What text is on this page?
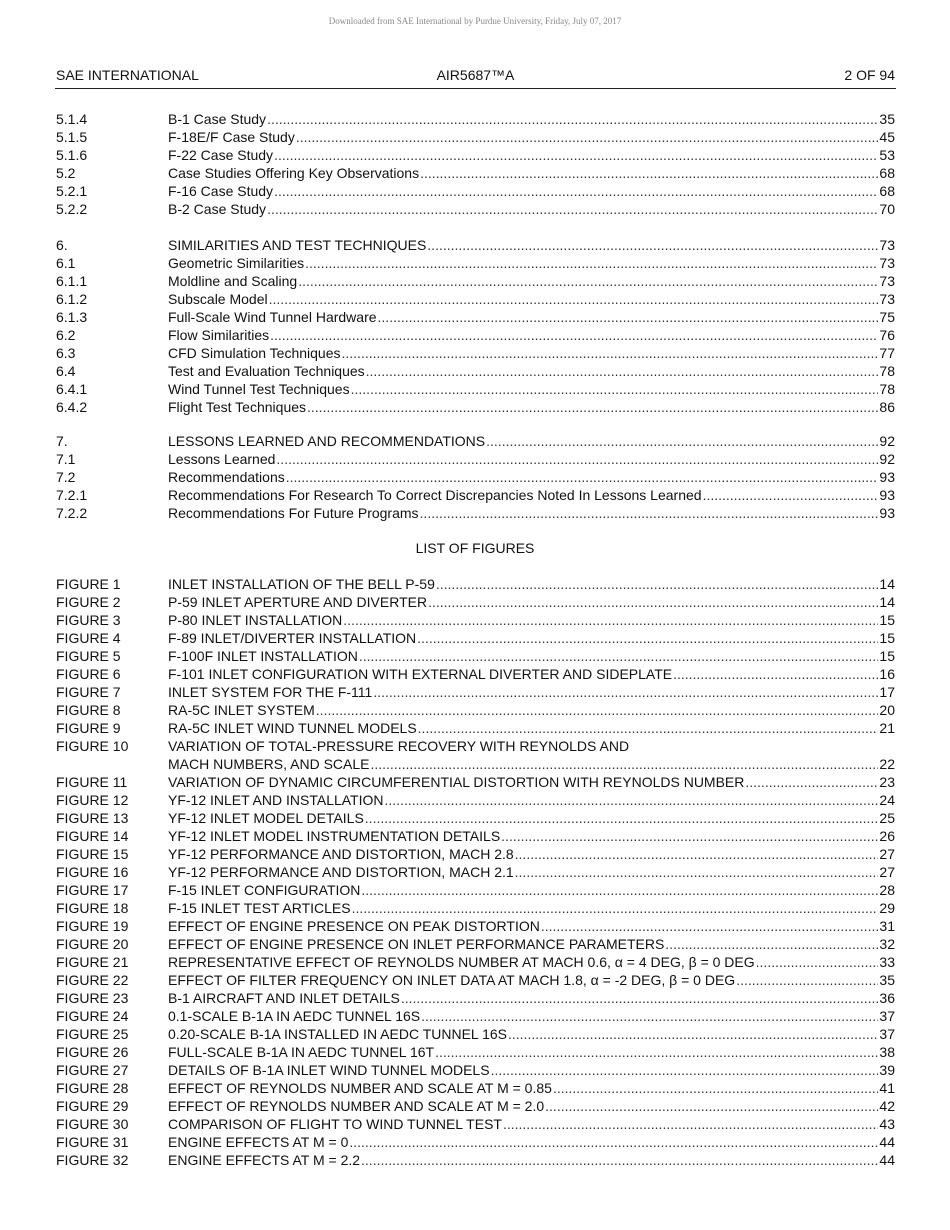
Downloaded from SAE International by Purdue University, Friday, July 07, 2017
SAE INTERNATIONAL	AIR5687™A	2 OF 94
5.1.4	B-1 Case Study .....	35
5.1.5	F-18E/F Case Study .....	45
5.1.6	F-22 Case Study .....	53
5.2	Case Studies Offering Key Observations .....	68
5.2.1	F-16 Case Study .....	68
5.2.2	B-2 Case Study .....	70
6.	SIMILARITIES AND TEST TECHNIQUES .....	73
6.1	Geometric Similarities .....	73
6.1.1	Moldline and Scaling .....	73
6.1.2	Subscale Model .....	73
6.1.3	Full-Scale Wind Tunnel Hardware .....	75
6.2	Flow Similarities .....	76
6.3	CFD Simulation Techniques .....	77
6.4	Test and Evaluation Techniques .....	78
6.4.1	Wind Tunnel Test Techniques .....	78
6.4.2	Flight Test Techniques .....	86
7.	LESSONS LEARNED AND RECOMMENDATIONS .....	92
7.1	Lessons Learned .....	92
7.2	Recommendations .....	93
7.2.1	Recommendations For Research To Correct Discrepancies Noted In Lessons Learned .....	93
7.2.2	Recommendations For Future Programs .....	93
LIST OF FIGURES
FIGURE 1	INLET INSTALLATION OF THE BELL P-59 .....	14
FIGURE 2	P-59 INLET APERTURE AND DIVERTER .....	14
FIGURE 3	P-80 INLET INSTALLATION .....	15
FIGURE 4	F-89 INLET/DIVERTER INSTALLATION .....	15
FIGURE 5	F-100F INLET INSTALLATION .....	15
FIGURE 6	F-101 INLET CONFIGURATION WITH EXTERNAL DIVERTER AND SIDEPLATE .....	16
FIGURE 7	INLET SYSTEM FOR THE F-111 .....	17
FIGURE 8	RA-5C INLET SYSTEM .....	20
FIGURE 9	RA-5C INLET WIND TUNNEL MODELS .....	21
FIGURE 10	VARIATION OF TOTAL-PRESSURE RECOVERY WITH REYNOLDS AND
MACH NUMBERS, AND SCALE .....	22
FIGURE 11	VARIATION OF DYNAMIC CIRCUMFERENTIAL DISTORTION WITH REYNOLDS NUMBER .....	23
FIGURE 12	YF-12 INLET AND INSTALLATION .....	24
FIGURE 13	YF-12 INLET MODEL DETAILS .....	25
FIGURE 14	YF-12 INLET MODEL INSTRUMENTATION DETAILS .....	26
FIGURE 15	YF-12 PERFORMANCE AND DISTORTION, MACH 2.8 .....	27
FIGURE 16	YF-12 PERFORMANCE AND DISTORTION, MACH 2.1 .....	27
FIGURE 17	F-15 INLET CONFIGURATION .....	28
FIGURE 18	F-15 INLET TEST ARTICLES .....	29
FIGURE 19	EFFECT OF ENGINE PRESENCE ON PEAK DISTORTION .....	31
FIGURE 20	EFFECT OF ENGINE PRESENCE ON INLET PERFORMANCE PARAMETERS .....	32
FIGURE 21	REPRESENTATIVE EFFECT OF REYNOLDS NUMBER AT MACH 0.6, α = 4 DEG, β = 0 DEG .....	33
FIGURE 22	EFFECT OF FILTER FREQUENCY ON INLET DATA AT MACH 1.8, α = -2 DEG, β = 0 DEG .....	35
FIGURE 23	B-1 AIRCRAFT AND INLET DETAILS .....	36
FIGURE 24	0.1-SCALE B-1A IN AEDC TUNNEL 16S .....	37
FIGURE 25	0.20-SCALE B-1A INSTALLED IN AEDC TUNNEL 16S .....	37
FIGURE 26	FULL-SCALE B-1A IN AEDC TUNNEL 16T .....	38
FIGURE 27	DETAILS OF B-1A INLET WIND TUNNEL MODELS .....	39
FIGURE 28	EFFECT OF REYNOLDS NUMBER AND SCALE AT M = 0.85 .....	41
FIGURE 29	EFFECT OF REYNOLDS NUMBER AND SCALE AT M = 2.0 .....	42
FIGURE 30	COMPARISON OF FLIGHT TO WIND TUNNEL TEST .....	43
FIGURE 31	ENGINE EFFECTS AT M = 0 .....	44
FIGURE 32	ENGINE EFFECTS AT M = 2.2 .....	44
